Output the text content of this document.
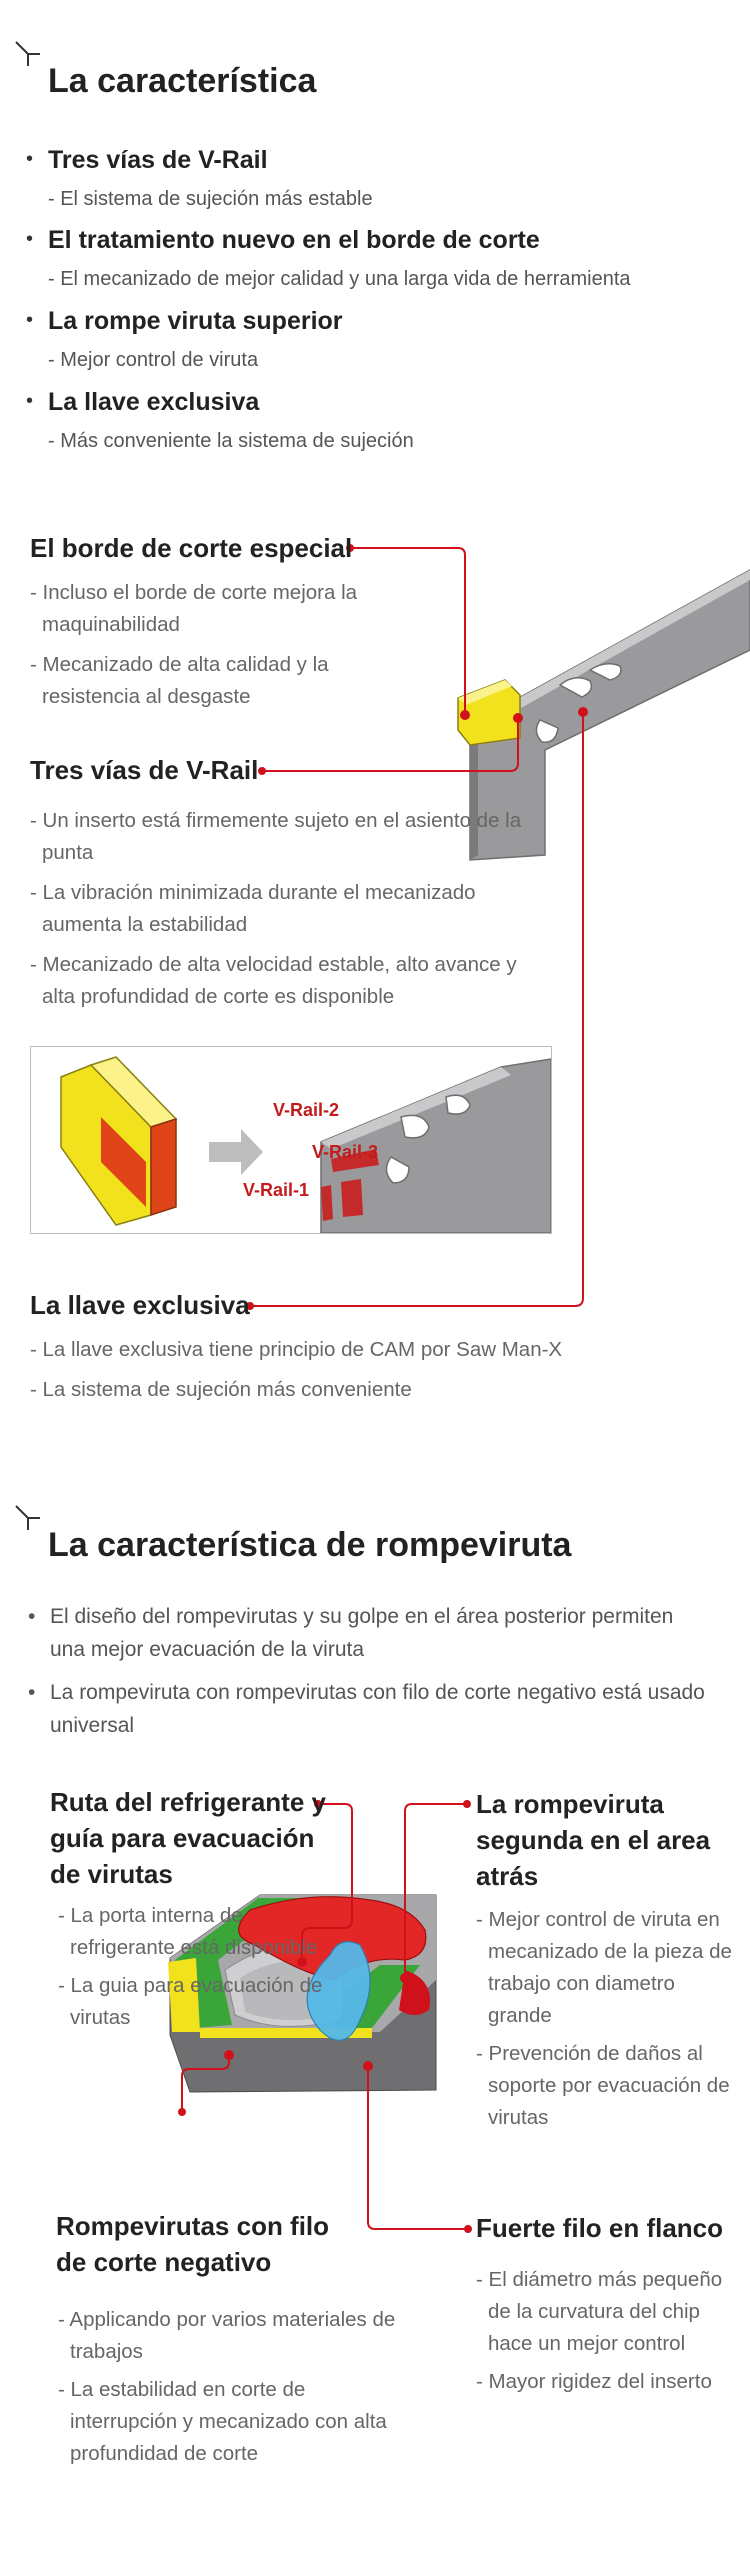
La característica
• Tres vías de V-Rail
- El sistema de sujeción más estable
• El tratamiento nuevo en el borde de corte
- El mecanizado de mejor calidad y una larga vida de herramienta
• La rompe viruta superior
- Mejor control de viruta
• La llave exclusiva
- Más conveniente la sistema de sujeción
El borde de corte especial

- Incluso el borde de corte mejora la maquinabilidad

- Mecanizado de alta calidad y la resistencia al desgaste

Tres vías de V-Rail

- Un inserto está firmemente sujeto en el asiento de la punta

- La vibración minimizada durante el mecanizado aumenta la estabilidad

- Mecanizado de alta velocidad estable, alto avance y alta profundidad de corte es disponible

V-Rail-2
V-Rail-3
V-Rail-1
La llave exclusiva

- La llave exclusiva tiene principio de CAM por Saw Man-X

- La sistema de sujeción más conveniente

La característica de rompeviruta
• El diseño del rompevirutas y su golpe en el área posterior permiten una mejor evacuación de la viruta
• La rompeviruta con rompevirutas con filo de corte negativo está usado universal
Ruta del refrigerante y guía para evacuación de virutas

- La porta interna de refrigerante está disponible

- La guia para evacuación de virutas

La rompeviruta segunda en el area atrás

- Mejor control de viruta en mecanizado de la pieza de trabajo con diametro grande

- Prevención de daños al soporte por evacuación de virutas

Rompevirutas con filo de corte negativo

- Applicando por varios materiales de trabajos

- La estabilidad en corte de interrupción y mecanizado con alta profundidad de corte

Fuerte filo en flanco

- El diámetro más pequeño de la curvatura del chip hace un mejor control

- Mayor rigidez del inserto
